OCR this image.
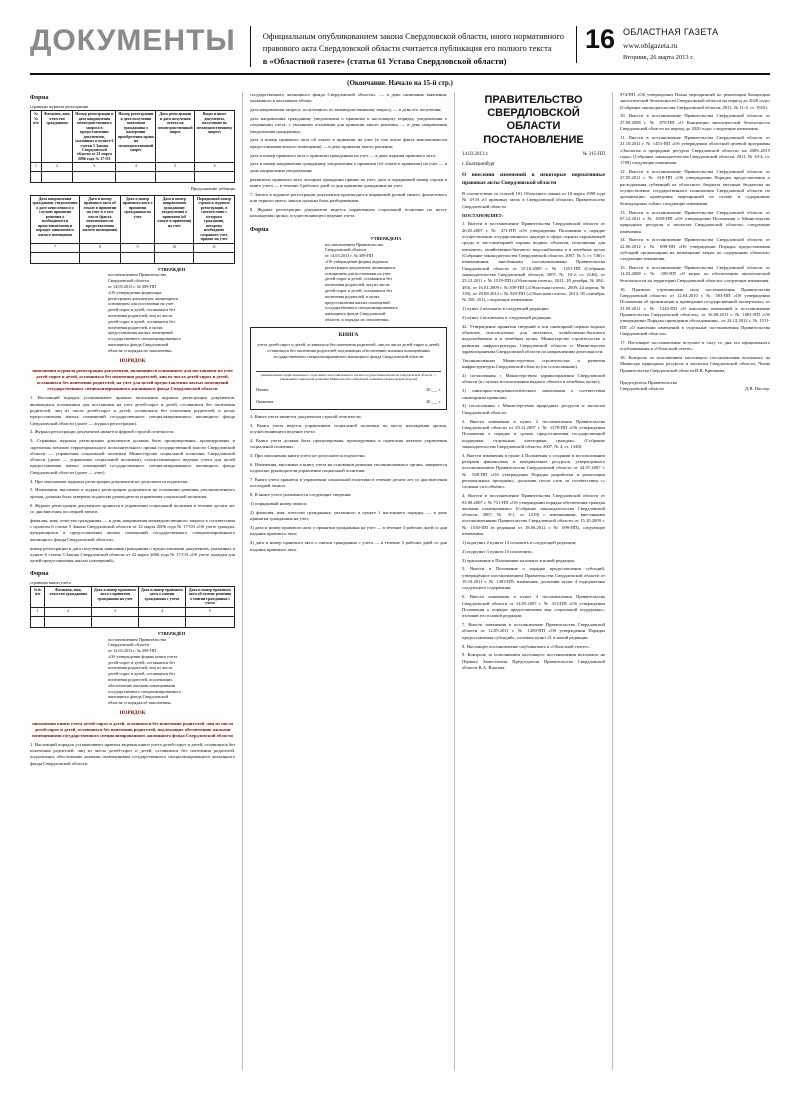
ДОКУМЕНТЫ	Официальным опубликованием закона Свердловской области, иного нормативного
правового акта Свердловской области считается публикация его полного текста
в «Областной газете» (статья 61 Устава Свердловской области)
16 ОБЛАСТНАЯ ГАЗЕТА
www.oblgazeta.ru
Вторник, 26 марта 2013 г.
(Окончание. Начало на 15-й стр.)
Форма
страницы журнала регистрации
№№ п/п	Фамилия, имя, отчество гражданина	Номер регистрации и дата направления межведомственного запроса в предоставлении документов, указанных в пункте 6 статьи 5 Закона Свердловской области от 22 марта 2006 года № 17-ОЗ	Номер регистрации и дата получения заявления гражданина о намерении приобретения права на межведомственный запрос	Дата регистрации и дата получения ответа на межведомственный запрос	Виды и иные документы, получению по межведомственному запросу
1	2	3	4	5	6

Продолжение таблицы
Дата направления гражданину уведомления о дате зачисления и о случаях принятия решения о необходимости приостановления и порядке занимаемого жилого помещения	Дата и номер правового акта об отказе в принятии на учет и о том числе (факта невозможности предоставления жилого помещения)	Дата и номер правового акта о принятии гражданина на учет	Дата и номер направления гражданину уведомления о принятии (об отказе в принятии) на учет	Порядковый номер строки в журнале регистрации, в соответствии с которым гражданин, которому необходимо сохранить учет, принят на учет
7	8	9	10	11

УТВЕРЖДЁН

постановлением Правительства

Свердловской области

от 14.03.2013 г. № 309-ПП

«Об утверждении формуляра

регистрации документов, являющихся

основанием для постановки на учет

детей-сирот и детей, оставшихся без

попечения родителей, лиц из числа

детей-сирот и детей, оставшихся без

попечения родителей, в целях

предоставления жилых помещений

государственного специализированного

жилищного фонда Свердловской

области, и порядка их заполнения»

ПОРЯДОК
заполнения журнала регистрации документов, являющихся основанием для постановки на учет детей-сирот и детей, оставшихся без попечения родителей, лиц из числа детей-сирот и детей, оставшихся без попечения родителей, на учет для целей предоставления жилых помещений государственного специализированного жилищного фонда Свердловской области

1. Настоящий порядок устанавливает правила заполнения журнала регистрации документов, являющихся основанием для постановки на учет детей-сирот и детей, оставшихся без попечения родителей, лиц из числа детей-сирот и детей, оставшихся без попечения родителей, в целях предоставления жилых помещений государственного специализированного жилищного фонда Свердловской области (далее — журнал регистрации).

2. Журнал регистрации документов является формой строгой отчетности.

3. Страницы журнала регистрации документов должны быть пронумерованы, прошнурованы и скреплены печатью территориального исполнительного органа государственной власти Свердловской области — управления социальной политики Министерства социальной политики Свердловской области (далее — управление социальной политики), осуществляющего ведение учета для целей предоставления жилых помещений государственного специализированного жилищного фонда Свердловской области (далее — учет).

4. При заполнении журнала регистрации документов не допускаются подчистки.

5. Изменения, вносимые в журнал регистрации документов на основании решения уполномоченного органа, должны быть заверены подписью руководителя управления социальной политики.

6. Журнал регистрации документов хранится в управлении социальной политики в течение десяти лет со дня внесения последней записи.

фамилия, имя, отчество гражданина — в день направления межведомственного запроса в соответствии с пунктом 6 статьи 5 Закона Свердловской области от 22 марта 2006 года № 17-ОЗ «Об учете граждан, нуждающихся в предоставлении жилых помещений государственного специализированного жилищного фонда Свердловской области»;

номер регистрации и дата получения заявления гражданина о предоставлении документов, указанных в пункте 6 статьи 5 Закона Свердловской области от 22 марта 2006 года № 17-ОЗ «Об учете граждан для целей предоставления жилых помещений».

Форма
страницы книги учета
№№ п/п	Фамилия, имя, отчество гражданина	Дата и номер правового акта о принятии гражданина на учет	Дата и номер правового акта о снятии гражданина с учета	Дата и номер правового акта об отмене решения о снятии гражданина с учета
1	2	3	4	5

УТВЕРЖДЁН

постановлением Правительства

Свердловской области

от 14.03.2013 г. № 309-ПП

«Об утверждении формы книги учета

детей-сирот и детей, оставшихся без

попечения родителей, лиц из числа

детей-сирот и детей, оставшихся без

попечения родителей, подлежащих

обеспечению жилыми помещениями

государственного специализированного

жилищного фонда Свердловской

области, и порядка её заполнения»

ПОРЯДОК
заполнения книги учета детей-сирот и детей, оставшихся без попечения родителей, лиц из числа детей-сирот и детей, оставшихся без попечения родителей, подлежащих обеспечению жилыми помещениями государственного специализированного жилищного фонда Свердловской области

1. Настоящий порядок устанавливает правила ведения книги учета детей-сирот и детей, оставшихся без попечения родителей, лиц из числа детей-сирот и детей, оставшихся без попечения родителей, подлежащих обеспечению жилыми помещениями государственного специализированного жилищного фонда Свердловской области.

государственного жилищного фонда Свердловской области», — в день окончания заявления, указанного в настоящем абзаце;

дата направления запроса, полученного по межведомственному запросу, — в день его получения;

дата направления гражданину уведомления о принятии к настоящему порядку, уведомления о сохранении учета, с указанием основания для принятия такого решения, — в день направления уведомления гражданину;

дата и номер правового акта об отказе в принятии на учет (в том числе факта невозможности предоставления жилого помещения) — в день принятия такого решения;

дата и номер правового акта о принятии гражданина на учет — в день издания правового акта;

дата и номер направления гражданину уведомления о принятии (об отказе в принятии) на учет — в день направления уведомления;

реквизиты правового акта, которым гражданин принят на учет, дата и порядковый номер строки в книге учета — в течение 3 рабочих дней со дня принятия гражданина на учет.

7. Запись в журнале регистрации документов производится шариковой ручкой синего, фиолетового или черного цвета, записи должны быть разборчивыми.

8. Журнал регистрации документов ведется управлением социальной политики по месту нахождения органа, осуществляющего ведение учета.

Форма

УТВЕРЖДЕНА

постановлением Правительства

Свердловской области

от 14.03.2013 г. № 309-ПП

«Об утверждении формы журнала

регистрации документов, являющихся

основанием для постановки на учет

детей-сирот и детей, оставшихся без

попечения родителей, лиц из числа

детей-сирот и детей, оставшихся без

попечения родителей, в целях

предоставления жилых помещений

государственного специализированного

жилищного фонда Свердловской

области, и порядка их заполнения»

КНИГА
учета детей-сирот и детей, оставшихся без попечения родителей, лиц из числа детей-сирот и детей, оставшихся без попечения родителей, подлежащих обеспечению жилыми помещениями государственного специализированного жилищного фонда Свердловской области
(наименование территориального отраслевого исполнительного органа государственной власти Свердловской области — управления социальной политики Министерства социальной политики Свердловской области)
Начата	20 ___ г.
Окончена	20 ___ г.

2. Книга учета является документом строгой отчетности.

3. Книга учета ведется управлением социальной политики по месту нахождения органа, осуществляющего ведение учета.

4. Книга учета должна быть пронумерована, прошнурована и скреплена печатью управления социальной политики.

5. При заполнении книги учета не допускаются подчистки.

6. Изменения, вносимые в книгу учета на основании решения уполномоченного органа, заверяются подписью руководителя управления социальной политики.

7. Книга учета хранится в управлении социальной политики в течение десяти лет со дня внесения последней записи.

8. В книге учета указываются следующие сведения:

1) порядковый номер записи;

2) фамилия, имя, отчество гражданина, указанного в пункте 1 настоящего порядка, — в день принятия гражданина на учет;

3) дата и номер правового акта о принятии гражданина на учет — в течение 3 рабочих дней со дня издания правового акта;

4) дата и номер правового акта о снятии гражданина с учета — в течение 3 рабочих дней со дня издания правового акта.

ПРАВИТЕЛЬСТВО
СВЕРДЛОВСКОЙ ОБЛАСТИ
ПОСТАНОВЛЕНИЕ
14.03.2013 г.	№ 315-ПП
г. Екатеринбург
О внесении изменений в некоторые нормативные правовые акты Свердловской области

В соответствии со статьей 101 Областного закона от 10 марта 1999 года № 4-ОЗ «О правовых актах в Свердловской области» Правительство Свердловской области

ПОСТАНОВЛЯЕТ:

1. Внести в постановление Правительства Свердловской области от 26.05.2007 г. № 471-ПП «Об утверждении Положения о порядке осуществления государственного надзора в сфере охраны окружающей среды и эко-санитарной охраны водных объектов, исполнения для питьевого, хозяйственно-бытового водоснабжения и в лечебных целях (Собрание законодательства Свердловской области, 2007, № 5, ст. 746) с изменениями, внесёнными постановлениями Правительства Свердловской области от 15.10.2009 г. № 1251-ПП (Собрание законодательства Свердловской области, 2007, № 10-2, ст. 2146), от 25.12.2011 г. № 1519-ПП («Областная газета», 2011, 28 декабря, № 494–493), от 16.01.2009 г. № 839-ПП («Областная газета», 2009, 24 апреля, № 118), от 29.08.2012 г. № 929-ПП («Областная газета», 2012, 05 сентября, № 350–351), следующие изменения:

1) пункт 2 изложить в следующей редакции:

2) пункт 2 исключить в следующей редакции;

42. Утверждение принятия сведений в зон санитарной охраны водных объектов, используемых для питьевого, хозяйственно-бытового водоснабжения и в лечебных целях, Министерство строительства и развития инфраструктуры Свердловской области и Министерство здравоохранения Свердловской области по направлениям деятельности.

Уполномоченное Министерством строительства и развития инфраструктуры Свердловской области (по согласованию).

2) согласования с Министерством здравоохранения Свердловской области (в случаях использования водного объекта в лечебных целях);

3) санитарно-эпидемиологического заключения о соответствии санитарным правилам;

4) согласования с Министерством природных ресурсов и экологии Свердловской области.

2. Внести изменения в пункт 2 постановления Правительства Свердловской области от 29.12.2007 г. № 1378-ПП «Об утверждении Положения о порядке и сроках предоставления государственной поддержки отдельным категориям граждан» (Собрание законодательства Свердловской области, 2007, № 4, ст. 1348).

3. Внести изменения в пункт 4 Положения о создании и использовании резервов финансовых и материальных ресурсов, утвержденного постановлением Правительства Свердловской области от 24.07.2007 г. № 928-ПП «Об утверждении Порядка разработки и реализации региональных программ», дополнив после слов «в соответствии с» словами «и в объёме».

4. Внести в постановление Правительства Свердловской области от 03.08.2007 г. № 731-ПП «Об утверждении порядка обеспечения граждан жилыми помещениями» (Собрание законодательства Свердловской области, 2007, № 8-1, ст. 1239) с изменениями, внесенными постановлениями Правительства Свердловской области от 15.10.2009 г. № 1550-ПП (в редакции от 18.06.2012 г. № 699-ПП), следующие изменения:

1) подпункт 2 пункта 15 изложить в следующей редакции;

2) подпункт 3 пункта 15 исключить;

3) приложение к Положению изложить в новой редакции.

5. Внести в Положение о порядке предоставления субсидий, утверждённое постановлением Правительства Свердловской области от 19.10.2011 г. № 1383-ПП, изменения, дополнив пункт 4 подпунктами следующего содержания.

6. Внести изменения в пункт 4 постановления Правительства Свердловской области от 14.05.2007 г. № 313-ПП «Об утверждении Положения о порядке предоставления мер социальной поддержки», изложив его в новой редакции.

7. Внести изменения в постановление Правительства Свердловской области от 12.09.2011 г. № 1200-ПП «Об утверждении Порядка предоставления субсидий», изложив пункт 21 в новой редакции.

8. Настоящее постановление опубликовать в «Областной газете».

9. Контроль за исполнением настоящего постановления возложить на Первого Заместителя Председателя Правительства Свердловской области В.А. Власова.

974-ПП «Об утверждении Плана мероприятий по реализации Концепции экологической безопасности Свердловской области на период до 2020 года» (Собрание законодательства Свердловской области, 2011, № 11-4, ст. 1925).

10. Внести в постановление Правительства Свердловской области от 27.08.2008 г. № 879-ПП «О Концепции экологической безопасности Свердловской области на период до 2020 года» следующие изменения.

11. Внести в постановление Правительства Свердловской области от 21.10.2011 г. № 1453-ПП «Об утверждении областной целевой программы «Экология и природные ресурсы Свердловской области» на 2009–2015 годы» (Собрание законодательства Свердловской области, 2011, № 10-4, ст. 1789) следующие изменения.

12. Внести в постановление Правительства Свердловской области от 27.05.2011 г. № 610-ПП «Об утверждении Порядка предоставления и расходования субвенций из областного бюджета местным бюджетам на осуществление государственного полномочия Свердловской области по организации проведения мероприятий по отлову и содержанию безнадзорных собак» следующие изменения.

13. Внести в постановление Правительства Свердловской области от 07.12.2011 г. № 1658-ПП «Об утверждении Положения о Министерстве природных ресурсов и экологии Свердловской области» следующие изменения.

14. Внести в постановление Правительства Свердловской области от 22.06.2012 г. № 698-ПП «Об утверждении Порядка предоставления субсидий организациям на возмещение затрат по содержанию объектов» следующие изменения.

15. Внести в постановление Правительства Свердловской области от 14.03.2008 г. № 189-ПП «О мерах по обеспечению экологической безопасности на территории Свердловской области» следующие изменения.

16. Признать утратившими силу постановления Правительства Свердловской области: от 12.04.2010 г. № 583-ПП «Об утверждении Положения об организации и проведении государственной экспертизы»; от 21.09.2011 г. № 1243-ПП «О внесении изменений в постановление Правительства Свердловской области»; от 16.08.2011 г. № 1081-ПП «Об утверждении Порядка проведения обследования»; от 24.12.2012 г. № 1511-ПП «О внесении изменений в отдельные постановления Правительства Свердловской области».

17. Настоящее постановление вступает в силу со дня его официального опубликования в «Областной газете».

18. Контроль за исполнением настоящего постановления возложить на Министра природных ресурсов и экологии Свердловской области, Члена Правительства Свердловской области И.В. Крючкова.

Председатель Правительства
Свердловской области	Д.В. Паслер.
